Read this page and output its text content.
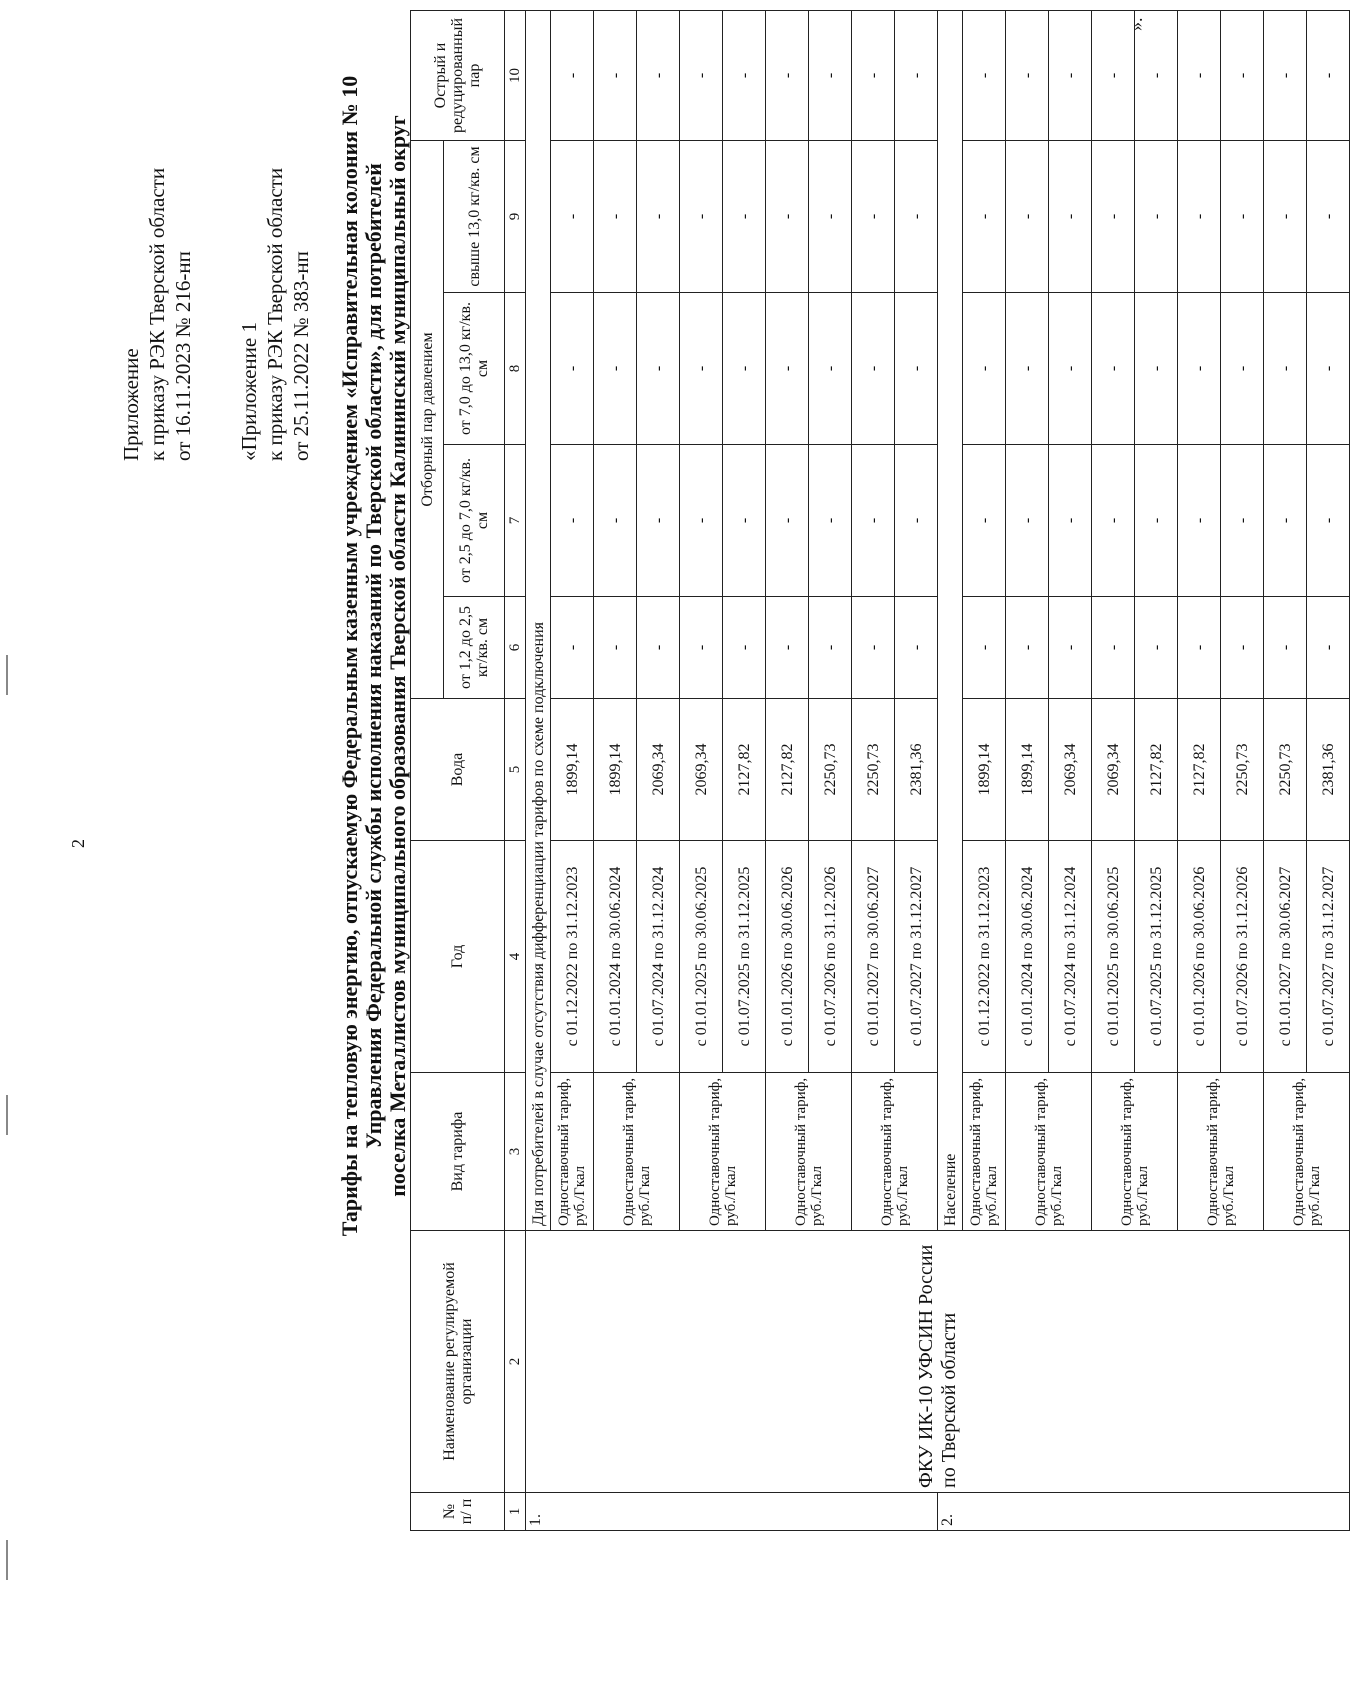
2
Приложение к приказу РЭК Тверской области от 16.11.2023 № 216-нп «Приложение 1 к приказу РЭК Тверской области от 25.11.2022 № 383-нп Тарифы на тепловую энергию, отпускаемую Федеральным казенным учреждением «Исправительная колония № 10 Управления Федеральной службы исполнения наказаний по Тверской области», для потребителей поселка Металлистов муниципального образования Тверской области Калининский муниципальный округ
№ п/ п	Наименование регулируемой организации	Вид тарифа	Год	Вода	Отборный пар давлением				Острый и редуцированный пар
					от 1,2 до 2,5 кг/кв. см	от 2,5 до 7,0 кг/кв. см	от 7,0 до 13,0 кг/кв. см	свыше 13,0 кг/кв. см	
1	2	3	4	5	6	7	8	9	10
1.	ФКУ ИК-10 УФСИН России по Тверской области	Для потребителей в случае отсутствия дифференциации тарифов по схеме подключения							
		Одноставочный тариф, руб./Гкал	с 01.12.2022 по 31.12.2023	1899,14	-	-	-	-	-
		Одноставочный тариф, руб./Гкал	с 01.01.2024 по 30.06.2024	1899,14	-	-	-	-	-
			с 01.07.2024 по 31.12.2024	2069,34	-	-	-	-	-
		Одноставочный тариф, руб./Гкал	с 01.01.2025 по 30.06.2025	2069,34	-	-	-	-	-
			с 01.07.2025 по 31.12.2025	2127,82	-	-	-	-	-
		Одноставочный тариф, руб./Гкал	с 01.01.2026 по 30.06.2026	2127,82	-	-	-	-	-
			с 01.07.2026 по 31.12.2026	2250,73	-	-	-	-	-
		Одноставочный тариф, руб./Гкал	с 01.01.2027 по 30.06.2027	2250,73	-	-	-	-	-
			с 01.07.2027 по 31.12.2027	2381,36	-	-	-	-	-
2.		Население							
		Одноставочный тариф, руб./Гкал	с 01.12.2022 по 31.12.2023	1899,14	-	-	-	-	-
		Одноставочный тариф, руб./Гкал	с 01.01.2024 по 30.06.2024	1899,14	-	-	-	-	-
			с 01.07.2024 по 31.12.2024	2069,34	-	-	-	-	-
		Одноставочный тариф, руб./Гкал	с 01.01.2025 по 30.06.2025	2069,34	-	-	-	-	-
			с 01.07.2025 по 31.12.2025	2127,82	-	-	-	-	-
		Одноставочный тариф, руб./Гкал	с 01.01.2026 по 30.06.2026	2127,82	-	-	-	-	-
			с 01.07.2026 по 31.12.2026	2250,73	-	-	-	-	-
		Одноставочный тариф, руб./Гкал	с 01.01.2027 по 30.06.2027	2250,73	-	-	-	-	-
			с 01.07.2027 по 31.12.2027	2381,36	-	-	-	-	-
».
